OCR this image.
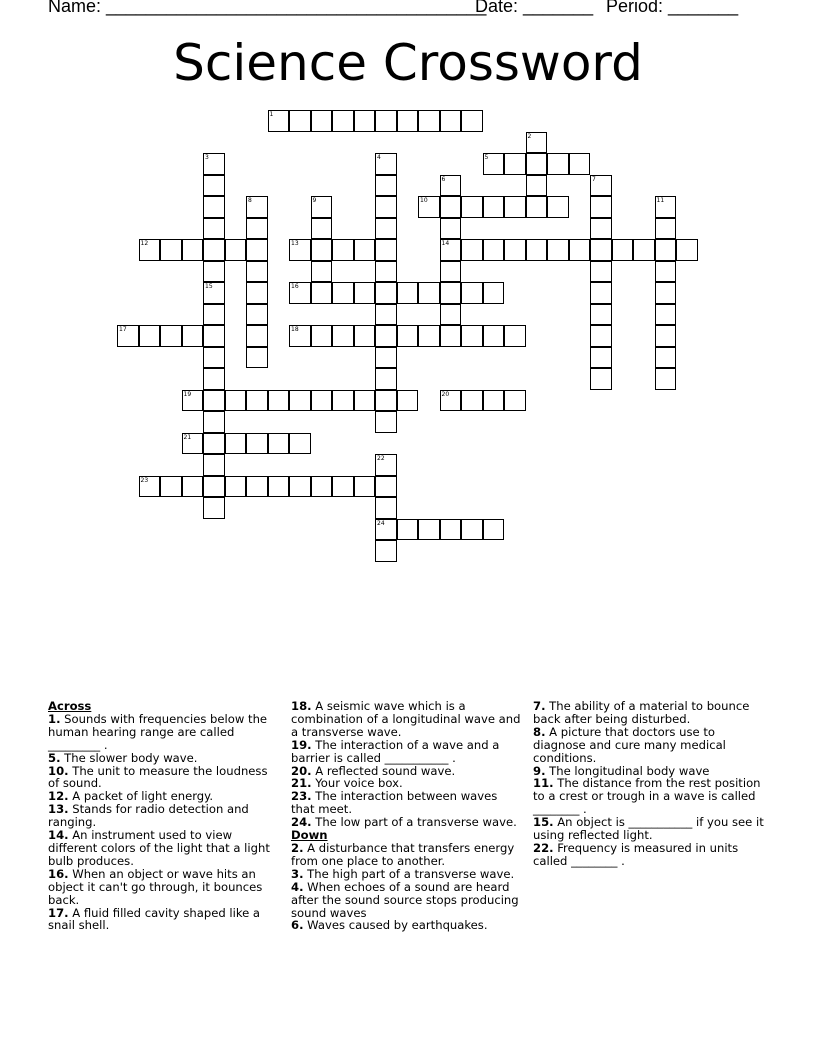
Name: ______________________________________
Date: _______ Period: _______
Science Crossword
1
5
10
12	13	14
16
17	18
19	20
21
23
24
2
3
15
4
6	7
8	9	11
22
Across
1. Sounds with frequencies below the human hearing range are called _________ .
5. The slower body wave.
10. The unit to measure the loudness of sound.
12. A packet of light energy.
13. Stands for radio detection and ranging.
14. An instrument used to view different colors of the light that a light bulb produces.
16. When an object or wave hits an object it can't go through, it bounces back.
17. A fluid filled cavity shaped like a snail shell.
18. A seismic wave which is a combination of a longitudinal wave and a transverse wave.
19. The interaction of a wave and a barrier is called ___________ .
20. A reflected sound wave.
21. Your voice box.
23. The interaction between waves that meet.
24. The low part of a transverse wave.
Down
2. A disturbance that transfers energy from one place to another.
3. The high part of a transverse wave.
4. When echoes of a sound are heard after the sound source stops producing sound waves
6. Waves caused by earthquakes.
7. The ability of a material to bounce back after being disturbed.
8. A picture that doctors use to diagnose and cure many medical conditions.
9. The longitudinal body wave
11. The distance from the rest position to a crest or trough in a wave is called ________ .
15. An object is ___________ if you see it using reflected light.
22. Frequency is measured in units called ________ .
